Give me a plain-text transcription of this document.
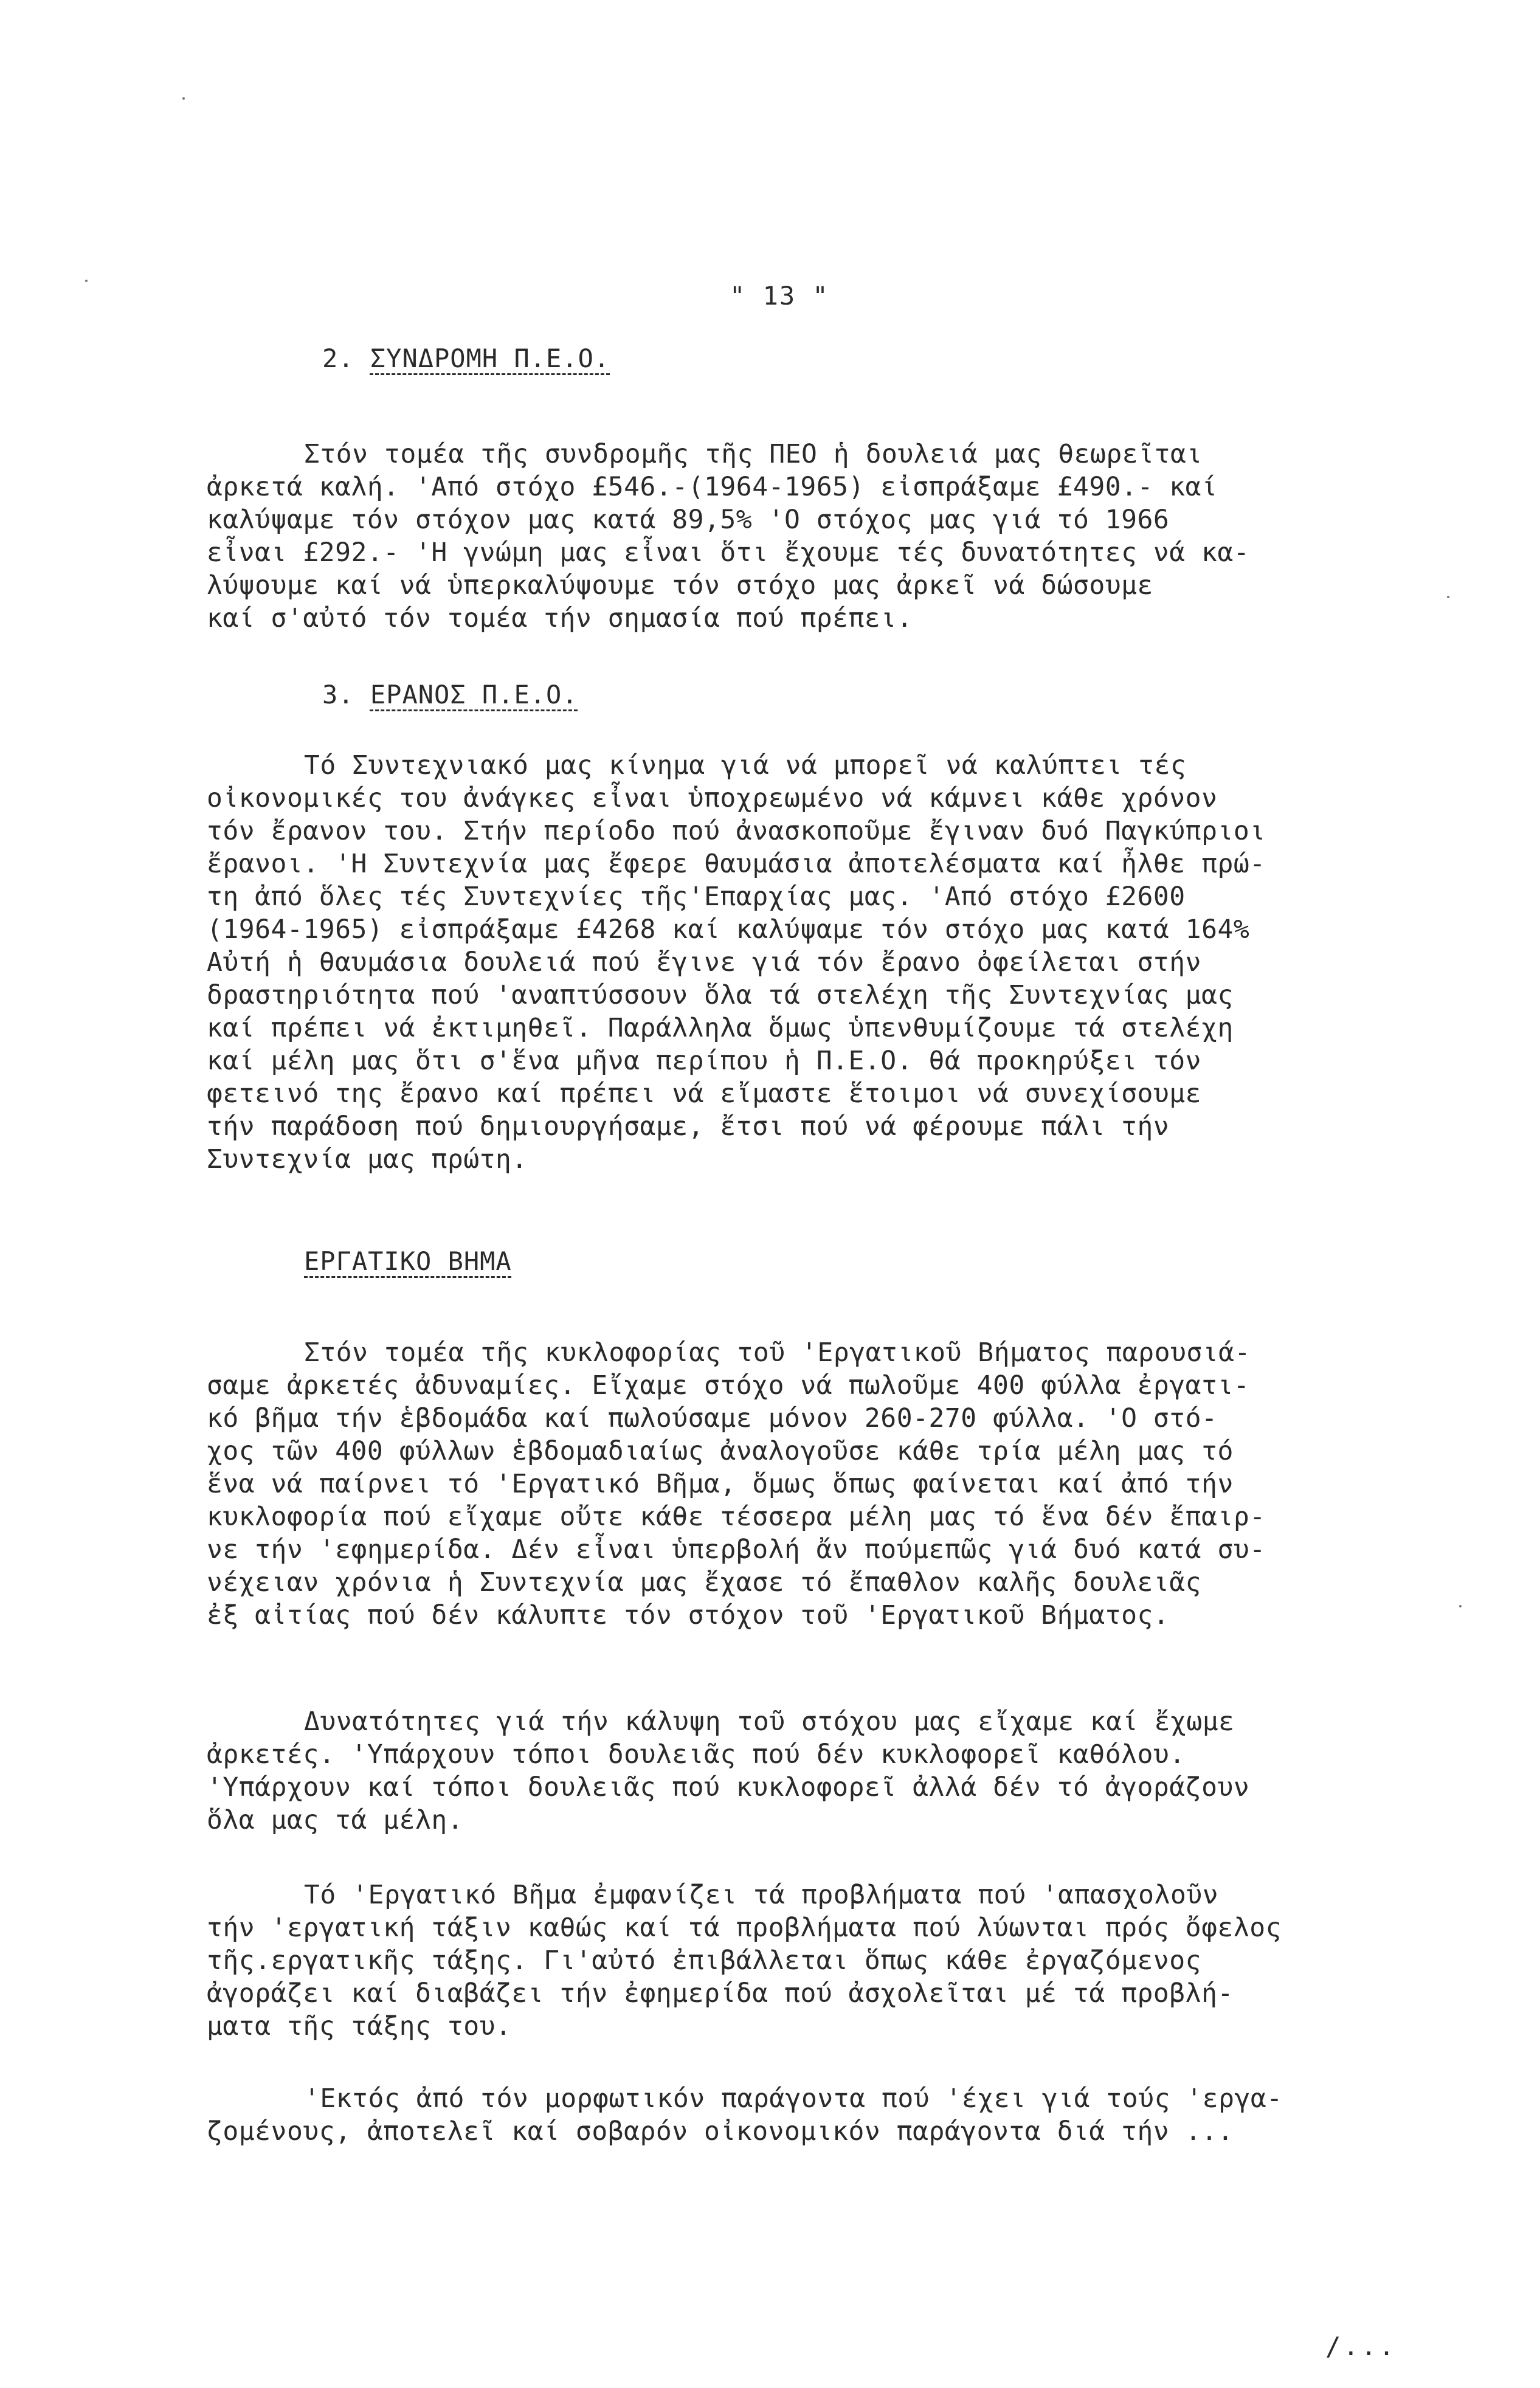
" 13 "
2. ΣΥΝΔΡΟΜΗ Π.Ε.Ο.
Στόν τομέα τῆς συνδρομῆς τῆς ΠΕΟ ἡ δουλειά μας θεωρεῖται
ἀρκετά καλή. 'Από στόχο £546.-(1964-1965) εἰσπράξαμε £490.- καί
καλύψαμε τόν στόχον μας κατά 89,5% 'Ο στόχος μας γιά τό 1966
εἶναι £292.- 'Η γνώμη μας εἶναι ὅτι ἔχουμε τές δυνατότητες νά κα-
λύψουμε καί νά ὑπερκαλύψουμε τόν στόχο μας ἀρκεῖ νά δώσουμε
καί σ'αὐτό τόν τομέα τήν σημασία πού πρέπει.
3. ΕΡΑΝΟΣ Π.Ε.Ο.
Τό Συντεχνιακό μας κίνημα γιά νά μπορεῖ νά καλύπτει τές
οἰκονομικές του ἀνάγκες εἶναι ὑποχρεωμένο νά κάμνει κάθε χρόνον
τόν ἔρανον του. Στήν περίοδο πού ἀνασκοποῦμε ἔγιναν δυό Παγκύπριοι
ἔρανοι. 'Η Συντεχνία μας ἔφερε θαυμάσια ἀποτελέσματα καί ἦλθε πρώ-
τη ἀπό ὅλες τές Συντεχνίες τῆς'Επαρχίας μας. 'Από στόχο £2600
(1964-1965) εἰσπράξαμε £4268 καί καλύψαμε τόν στόχο μας κατά 164%
Αὐτή ἡ θαυμάσια δουλειά πού ἔγινε γιά τόν ἔρανο ὀφείλεται στήν
δραστηριότητα πού 'αναπτύσσουν ὅλα τά στελέχη τῆς Συντεχνίας μας
καί πρέπει νά ἐκτιμηθεῖ. Παράλληλα ὅμως ὑπενθυμίζουμε τά στελέχη
καί μέλη μας ὅτι σ'ἕνα μῆνα περίπου ἡ Π.Ε.Ο. θά προκηρύξει τόν
φετεινό της ἔρανο καί πρέπει νά εἴμαστε ἕτοιμοι νά συνεχίσουμε
τήν παράδοση πού δημιουργήσαμε, ἔτσι πού νά φέρουμε πάλι τήν
Συντεχνία μας πρώτη.
ΕΡΓΑΤΙΚΟ ΒΗΜΑ
Στόν τομέα τῆς κυκλοφορίας τοῦ 'Εργατικοῦ Βήματος παρουσιά-
σαμε ἀρκετές ἀδυναμίες. Εἴχαμε στόχο νά πωλοῦμε 400 φύλλα ἐργατι-
κό βῆμα τήν ἑβδομάδα καί πωλούσαμε μόνον 260-270 φύλλα. 'Ο στό-
χος τῶν 400 φύλλων ἑβδομαδιαίως ἀναλογοῦσε κάθε τρία μέλη μας τό
ἕνα νά παίρνει τό 'Εργατικό Βῆμα, ὅμως ὅπως φαίνεται καί ἀπό τήν
κυκλοφορία πού εἴχαμε οὔτε κάθε τέσσερα μέλη μας τό ἕνα δέν ἔπαιρ-
νε τήν 'εφημερίδα. Δέν εἶναι ὑπερβολή ἄν πούμεπῶς γιά δυό κατά συ-
νέχειαν χρόνια ἡ Συντεχνία μας ἔχασε τό ἔπαθλον καλῆς δουλειᾶς
ἐξ αἰτίας πού δέν κάλυπτε τόν στόχον τοῦ 'Εργατικοῦ Βήματος.
Δυνατότητες γιά τήν κάλυψη τοῦ στόχου μας εἴχαμε καί ἔχωμε
ἀρκετές. 'Υπάρχουν τόποι δουλειᾶς πού δέν κυκλοφορεῖ καθόλου.
'Υπάρχουν καί τόποι δουλειᾶς πού κυκλοφορεῖ ἀλλά δέν τό ἀγοράζουν
ὅλα μας τά μέλη.
Τό 'Εργατικό Βῆμα ἐμφανίζει τά προβλήματα πού 'απασχολοῦν
τήν 'εργατική τάξιν καθώς καί τά προβλήματα πού λύωνται πρός ὄφελος
τῆς.εργατικῆς τάξης. Γι'αὐτό ἐπιβάλλεται ὅπως κάθε ἐργαζόμενος
ἀγοράζει καί διαβάζει τήν ἐφημερίδα πού ἀσχολεῖται μέ τά προβλή-
ματα τῆς τάξης του.
'Εκτός ἀπό τόν μορφωτικόν παράγοντα πού 'έχει γιά τούς 'εργα-
ζομένους, ἀποτελεῖ καί σοβαρόν οἰκονομικόν παράγοντα διά τήν ...
/...
